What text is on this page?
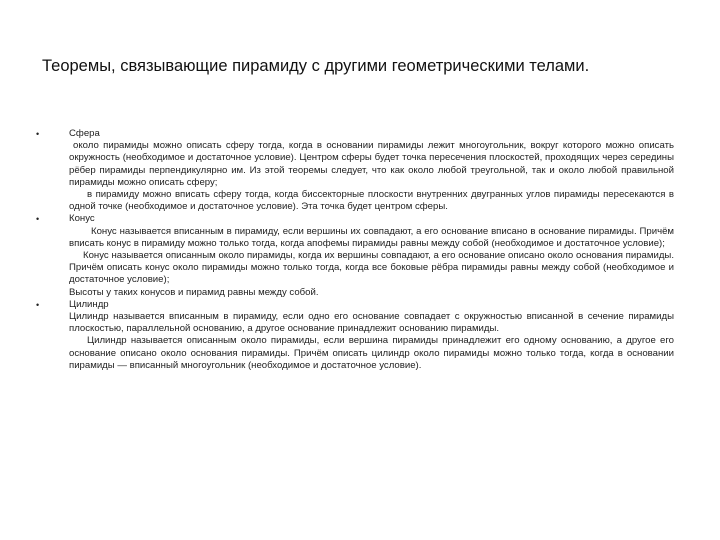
Теоремы, связывающие пирамиду с другими геометрическими телами.
•	Сфера

около пирамиды можно описать сферу тогда, когда в основании пирамиды лежит многоугольник, вокруг которого можно описать окружность (необходимое и достаточное условие). Центром сферы будет точка пересечения плоскостей, проходящих через середины рёбер пирамиды перпендикулярно им. Из этой теоремы следует, что как около любой треугольной, так и около любой правильной пирамиды можно описать сферу;

в пирамиду можно вписать сферу тогда, когда биссекторные плоскости внутренних двугранных углов пирамиды пересекаются в одной точке (необходимое и достаточное условие). Эта точка будет центром сферы.

•	Конус

Конус называется вписанным в пирамиду, если вершины их совпадают, а его основание вписано в основание пирамиды. Причём вписать конус в пирамиду можно только тогда, когда апофемы пирамиды равны между собой (необходимое и достаточное условие);

Конус называется описанным около пирамиды, когда их вершины совпадают, а его основание описано около основания пирамиды. Причём описать конус около пирамиды можно только тогда, когда все боковые рёбра пирамиды равны между собой (необходимое и достаточное условие);

Высоты у таких конусов и пирамид равны между собой.

•	Цилиндр

Цилиндр называется вписанным в пирамиду, если одно его основание совпадает с окружностью вписанной в сечение пирамиды плоскостью, параллельной основанию, а другое основание принадлежит основанию пирамиды.

Цилиндр называется описанным около пирамиды, если вершина пирамиды принадлежит его одному основанию, а другое его основание описано около основания пирамиды. Причём описать цилиндр около пирамиды можно только тогда, когда в основании пирамиды — вписанный многоугольник (необходимое и достаточное условие).
